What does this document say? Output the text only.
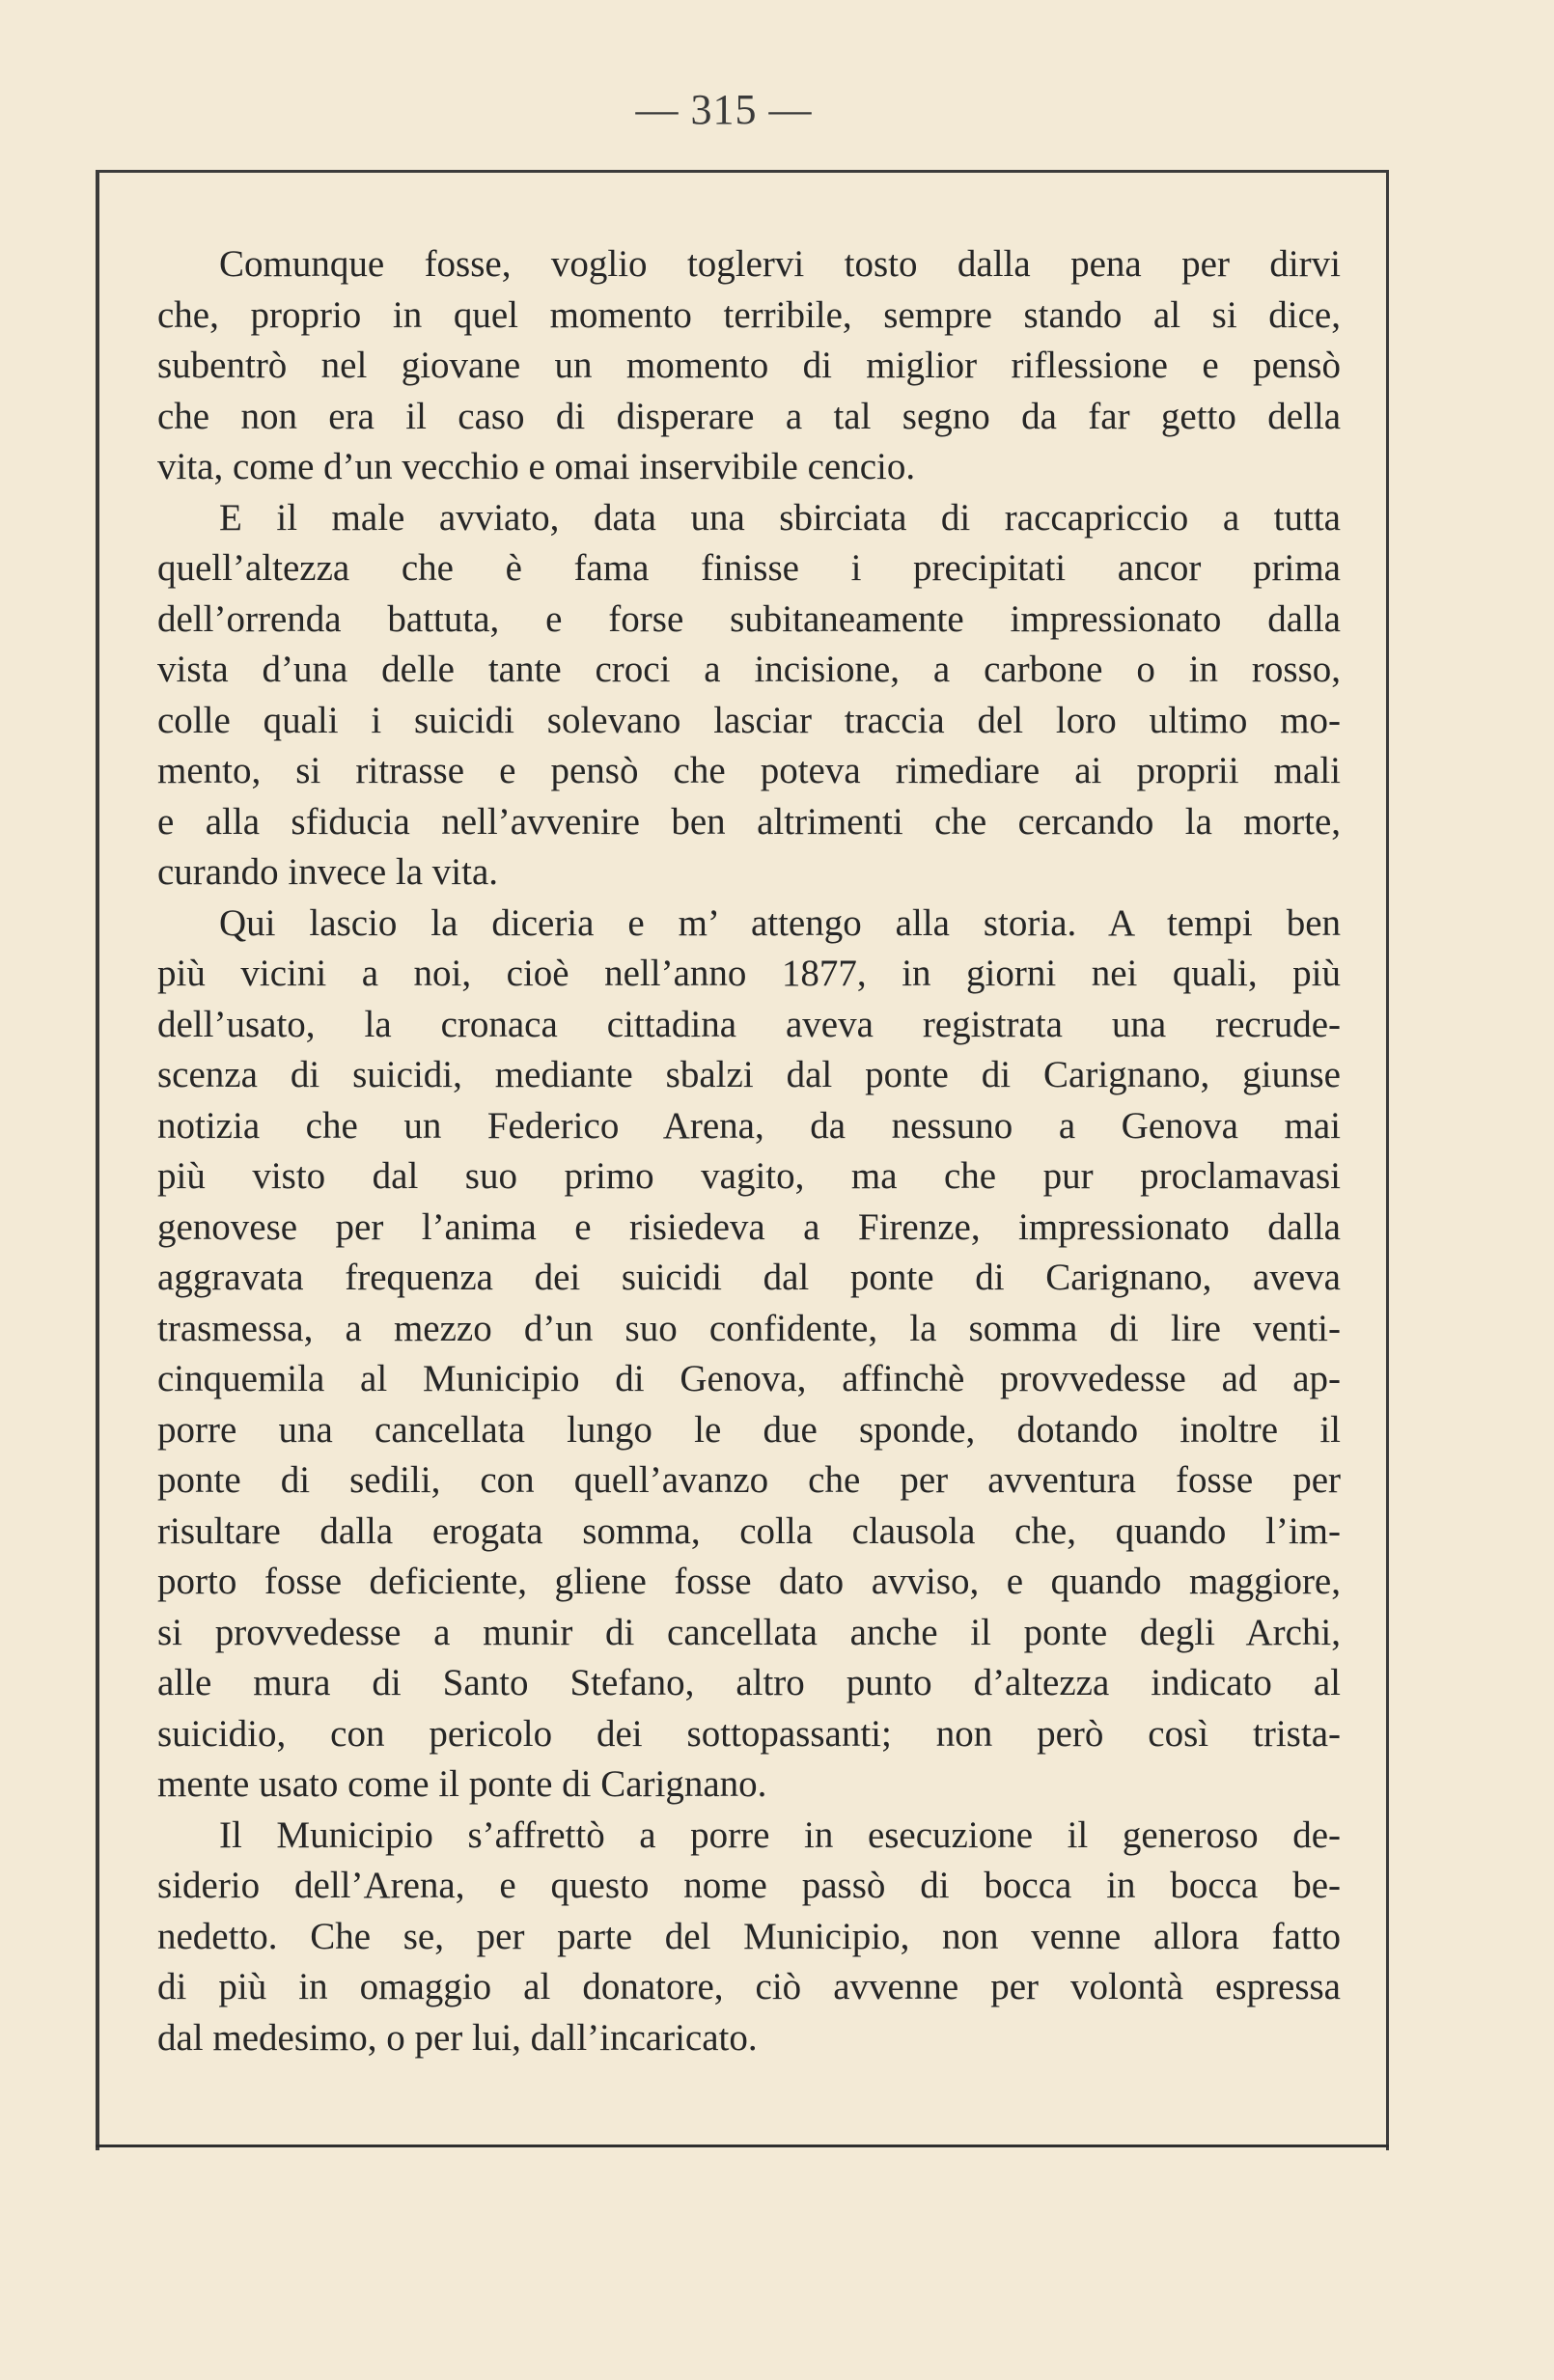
— 315 —
Comunque fosse, voglio toglervi tosto dalla pena per dirvi
che, proprio in quel momento terribile, sempre stando al si dice,
subentrò nel giovane un momento di miglior riflessione e pensò
che non era il caso di disperare a tal segno da far getto della
vita, come d’un vecchio e omai inservibile cencio.
E il male avviato, data una sbirciata di raccapriccio a tutta
quell’altezza che è fama finisse i precipitati ancor prima
dell’orrenda battuta, e forse subitaneamente impressionato dalla
vista d’una delle tante croci a incisione, a carbone o in rosso,
colle quali i suicidi solevano lasciar traccia del loro ultimo mo-
mento, si ritrasse e pensò che poteva rimediare ai proprii mali
e alla sfiducia nell’avvenire ben altrimenti che cercando la morte,
curando invece la vita.
Qui lascio la diceria e m’ attengo alla storia. A tempi ben
più vicini a noi, cioè nell’anno 1877, in giorni nei quali, più
dell’usato, la cronaca cittadina aveva registrata una recrude-
scenza di suicidi, mediante sbalzi dal ponte di Carignano, giunse
notizia che un Federico Arena, da nessuno a Genova mai
più visto dal suo primo vagito, ma che pur proclamavasi
genovese per l’anima e risiedeva a Firenze, impressionato dalla
aggravata frequenza dei suicidi dal ponte di Carignano, aveva
trasmessa, a mezzo d’un suo confidente, la somma di lire venti-
cinquemila al Municipio di Genova, affinchè provvedesse ad ap-
porre una cancellata lungo le due sponde, dotando inoltre il
ponte di sedili, con quell’avanzo che per avventura fosse per
risultare dalla erogata somma, colla clausola che, quando l’im-
porto fosse deficiente, gliene fosse dato avviso, e quando maggiore,
si provvedesse a munir di cancellata anche il ponte degli Archi,
alle mura di Santo Stefano, altro punto d’altezza indicato al
suicidio, con pericolo dei sottopassanti; non però così trista-
mente usato come il ponte di Carignano.
Il Municipio s’affrettò a porre in esecuzione il generoso de-
siderio dell’Arena, e questo nome passò di bocca in bocca be-
nedetto. Che se, per parte del Municipio, non venne allora fatto
di più in omaggio al donatore, ciò avvenne per volontà espressa
dal medesimo, o per lui, dall’incaricato.
